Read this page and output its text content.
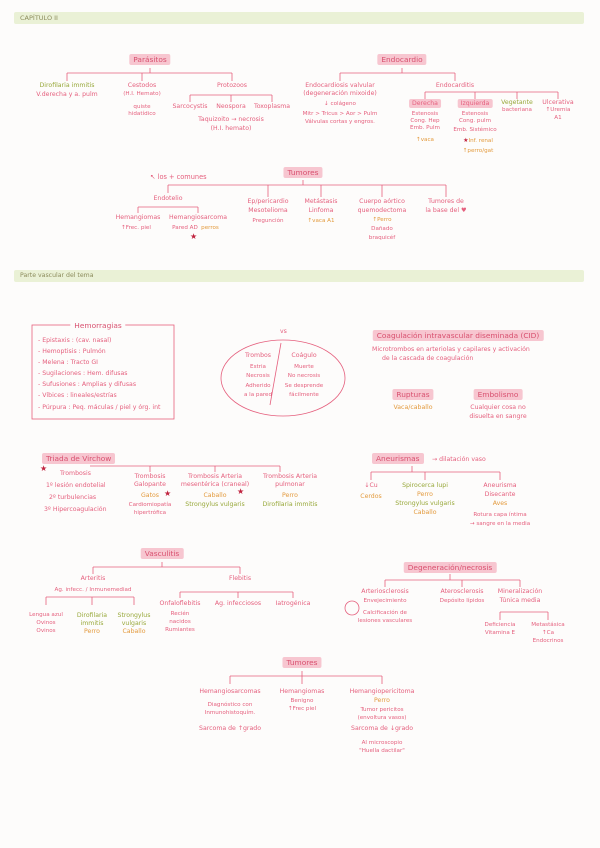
CAPÍTULO II
Parte vascular del tema
Parásitos
Dirofilaria immitis
V.derecha y a. pulm
Cestodos
(H.I. Hemato)
quiste
hidatídico
Protozoos
Sarcocystis Neospora Toxoplasma
Taquizoito → necrosis
(H.I. hemato)
Endocardio
Endocardiosis valvular
(degeneración mixoide)
↓ colágeno
Mitr > Tricus > Aor > Pulm
Válvulas cortas y engros.
Endocarditis
Derecha
Estenosis
Cong. Hep
Emb. Pulm
↑vaca
Izquierda
Estenosis
Cong. pulm
Emb. Sistémico
★Inf. renal
↑perro/gat
Vegetante
bacteriana
Ulcerativa
↑Uremia
A1
↖ los + comunes	Tumores
Endotelio
Hemangiomas
↑Frec. piel
Hemangiosarcoma
Pared AD perros
★
Ep/pericardio
Mesotelioma
Pregunción
Metástasis
Linfoma
↑vaca A1
Cuerpo aórtico
quemodectoma
↑Perro
Dañado
braquicéf
Tumores de
la base del ♥
Hemorragias
- Epistaxis : (cav. nasal)
- Hemoptisis : Pulmón
- Melena : Tracto GI
- Sugilaciones : Hem. difusas
- Sufusiones : Amplias y difusas
- Víbices : lineales/estrías
- Púrpura : Peq. máculas / piel y órg. int
vs
Trombos
Estria
Necrosis
Adherido
a la pared
Coágulo
Muerte
No necrosis
Se desprende
fácilmente
Coagulación intravascular diseminada (CID)
Microtrombos en arteriolas y capilares y activación
de la cascada de coagulación
Rupturas
Vaca/caballo
Embolismo
Cualquier cosa no
disuelta en sangre
Triada de Virchow
★
Trombosis
1º lesión endotelial
2º turbulencias
3º Hipercoagulación
Trombosis
Galopante
Gatos ★
Cardiomiopatía
hipertrófica
Trombosis Arteria
mesentérica (craneal)
Caballo ★
Strongylus vulgaris
Trombosis Arteria
pulmonar
Perro
Dirofilaria immitis
Aneurismas	→ dilatación vaso
↓Cu
Cerdos
Spirocerca lupi
Perro
Strongylus vulgaris
Caballo
Aneurisma
Disecante
Aves
Rotura capa íntima
→ sangre en la media
Vasculitis
Arteritis
Ag. infecc. / Inmunemediad
Flebitis
Lengua azul
Ovinos
Ovinos
Dirofilaria
immitis
Perro
Strongylus
vulgaris
Caballo
Onfaloflebitis
Recién
nacidos
Rumiantes
Ag. infecciosos Iatrogénica
Degeneración/necrosis
Arteriosclerosis
Envejecimiento
Calcificación de
lesiones vasculares
Aterosclerosis
Depósito lípidos
Mineralización
Túnica media
Deficiencia
Vitamina E
Metastásica
↑Ca
Endocrinos
Tumores
Hemangiosarcomas
Diagnóstico con
Inmunohistoquím.
Sarcoma de ↑grado
Hemangiomas
Benigno
↑Frec piel
Hemangiopericitoma
Perro
Tumor pericitos
(envoltura vasos)
Sarcoma de ↓grado
Al microscopio
"Huella dactilar"
